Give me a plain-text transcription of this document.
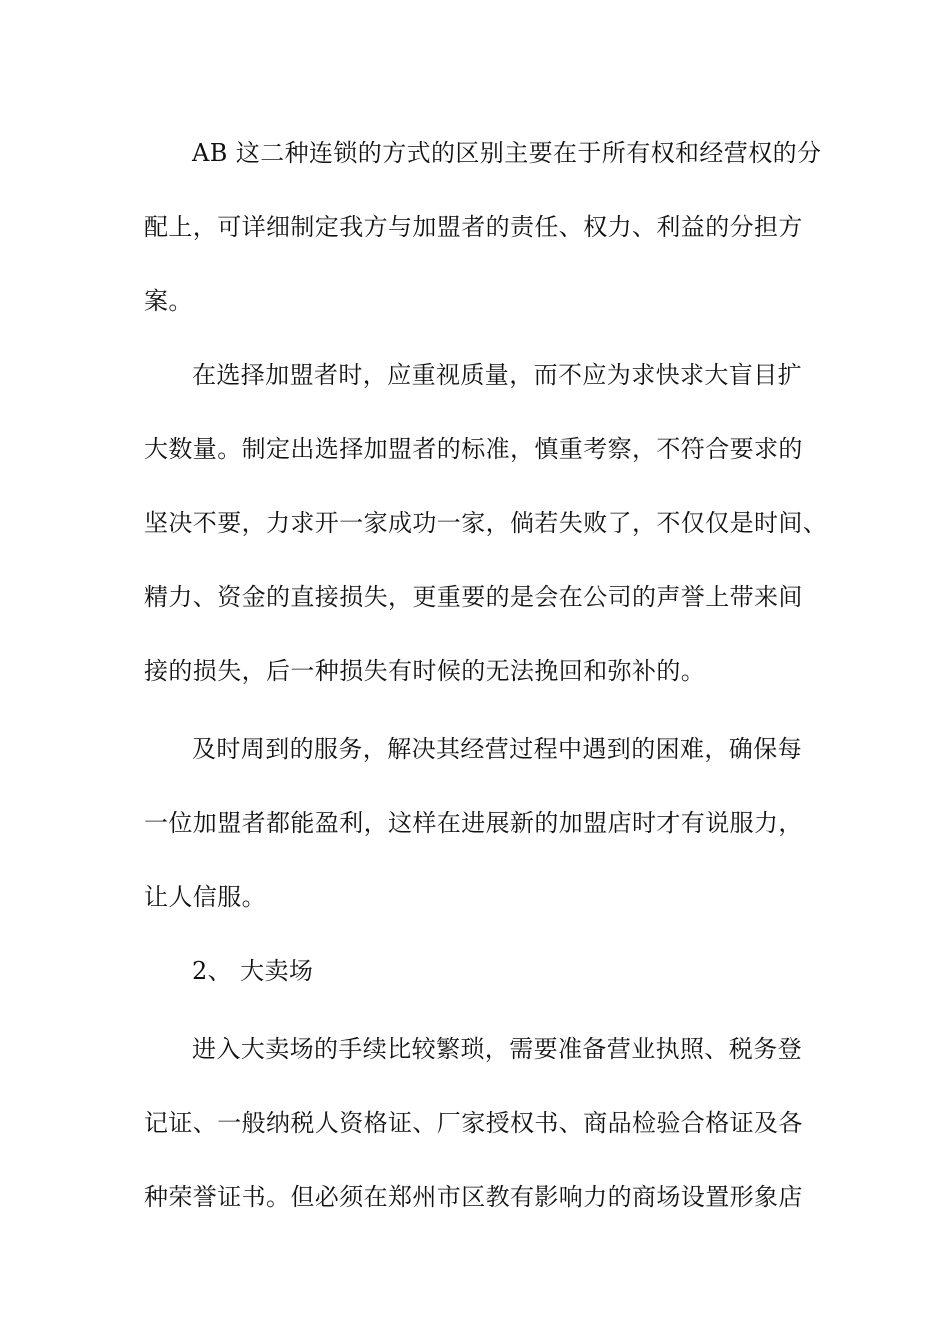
AB 这二种连锁的方式的区别主要在于所有权和经营权的分
配上，可详细制定我方与加盟者的责任、权力、利益的分担方
案。
在选择加盟者时，应重视质量，而不应为求快求大盲目扩
大数量。制定出选择加盟者的标准，慎重考察，不符合要求的
坚决不要，力求开一家成功一家，倘若失败了，不仅仅是时间、
精力、资金的直接损失，更重要的是会在公司的声誉上带来间
接的损失，后一种损失有时候的无法挽回和弥补的。
及时周到的服务，解决其经营过程中遇到的困难，确保每
一位加盟者都能盈利，这样在进展新的加盟店时才有说服力，
让人信服。
2、 大卖场
进入大卖场的手续比较繁琐，需要准备营业执照、税务登
记证、一般纳税人资格证、厂家授权书、商品检验合格证及各
种荣誉证书。但必须在郑州市区教有影响力的商场设置形象店
